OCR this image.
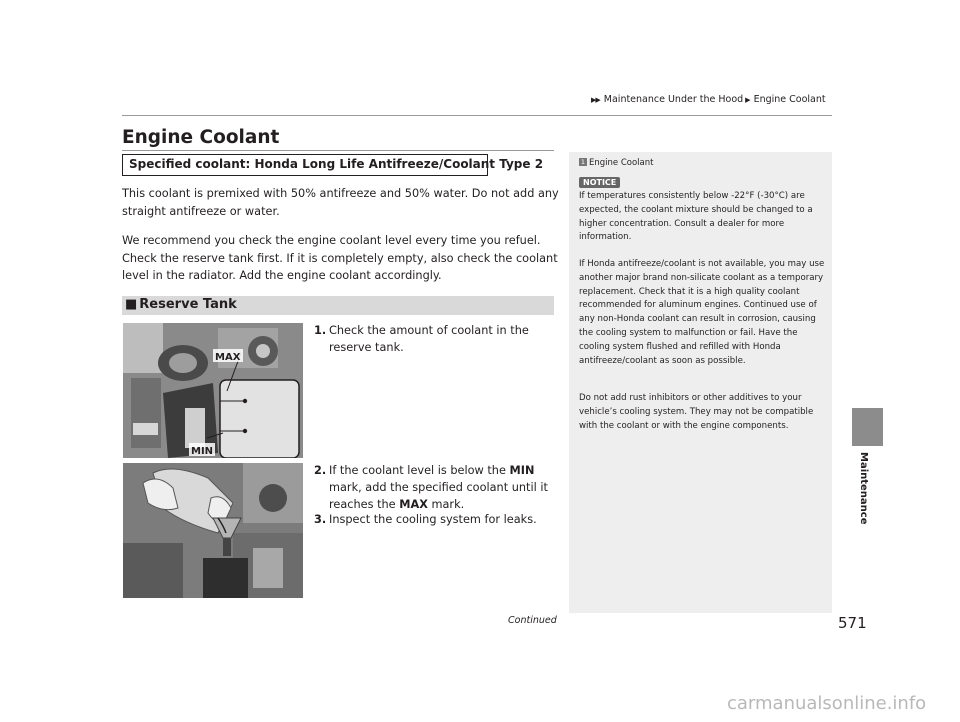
▶▶ Maintenance Under the Hood ▶ Engine Coolant
Engine Coolant
Specified coolant: Honda Long Life Antifreeze/Coolant Type 2

This coolant is premixed with 50% antifreeze and 50% water. Do not add any straight antifreeze or water.

We recommend you check the engine coolant level every time you refuel. Check the reserve tank first. If it is completely empty, also check the coolant level in the radiator. Add the engine coolant accordingly.

■ Reserve Tank
MAX
MIN
1. Check the amount of coolant in the reserve tank.
2. If the coolant level is below the MIN mark, add the specified coolant until it reaches the MAX mark.
3. Inspect the cooling system for leaks.
Continued	571
1 Engine Coolant
NOTICE

If temperatures consistently below -22°F (-30°C) are expected, the coolant mixture should be changed to a higher concentration. Consult a dealer for more information.

If Honda antifreeze/coolant is not available, you may use another major brand non-silicate coolant as a temporary replacement. Check that it is a high quality coolant recommended for aluminum engines. Continued use of any non-Honda coolant can result in corrosion, causing the cooling system to malfunction or fail. Have the cooling system flushed and refilled with Honda antifreeze/coolant as soon as possible.

Do not add rust inhibitors or other additives to your vehicle’s cooling system. They may not be compatible with the coolant or with the engine components.

Maintenance
carmanualsonline.info
